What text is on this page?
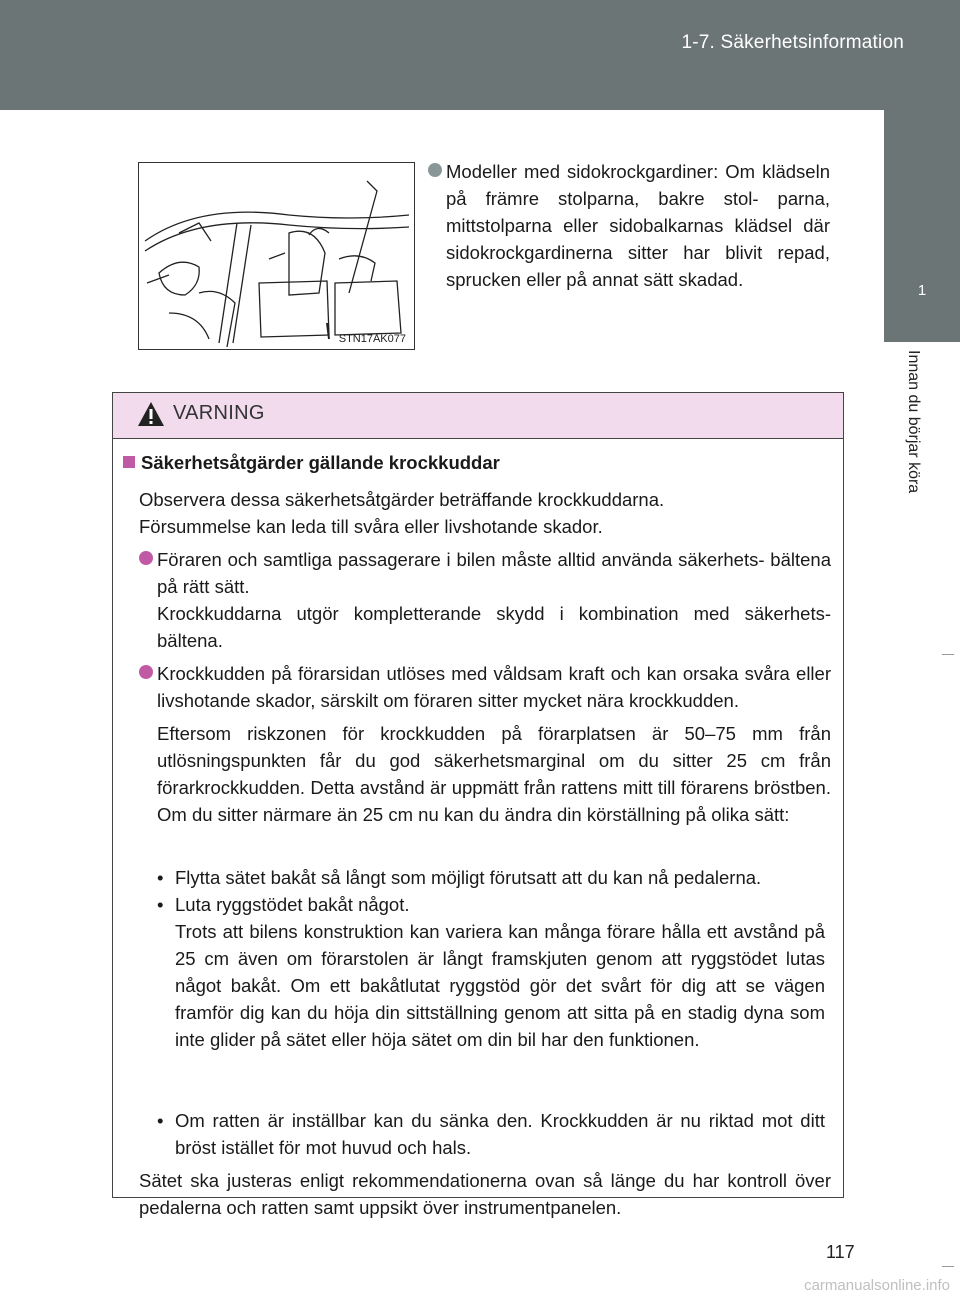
1-7. Säkerhetsinformation
1
Innan du börjar köra
STN17AK077
Modeller med sidokrockgardiner: Om klädseln på främre stolparna, bakre stol- parna, mittstolparna eller sidobalkarnas klädsel där sidokrockgardinerna sitter har blivit repad, sprucken eller på annat sätt skadad.
VARNING
Säkerhetsåtgärder gällande krockkuddar
Observera dessa säkerhetsåtgärder beträffande krockkuddarna.
Försummelse kan leda till svåra eller livshotande skador.
Föraren och samtliga passagerare i bilen måste alltid använda säkerhets- bältena på rätt sätt.
Krockkuddarna utgör kompletterande skydd i kombination med säkerhets- bältena.
Krockkudden på förarsidan utlöses med våldsam kraft och kan orsaka svåra eller livshotande skador, särskilt om föraren sitter mycket nära krockkudden.
Eftersom riskzonen för krockkudden på förarplatsen är 50–75 mm från utlösningspunkten får du god säkerhetsmarginal om du sitter 25 cm från förarkrockkudden. Detta avstånd är uppmätt från rattens mitt till förarens bröstben. Om du sitter närmare än 25 cm nu kan du ändra din körställning på olika sätt:
• Flytta sätet bakåt så långt som möjligt förutsatt att du kan nå pedalerna.
• Luta ryggstödet bakåt något.
Trots att bilens konstruktion kan variera kan många förare hålla ett avstånd på 25 cm även om förarstolen är långt framskjuten genom att ryggstödet lutas något bakåt. Om ett bakåtlutat ryggstöd gör det svårt för dig att se vägen framför dig kan du höja din sittställning genom att sitta på en stadig dyna som inte glider på sätet eller höja sätet om din bil har den funktionen.
• Om ratten är inställbar kan du sänka den. Krockkudden är nu riktad mot ditt bröst istället för mot huvud och hals.
Sätet ska justeras enligt rekommendationerna ovan så länge du har kontroll över pedalerna och ratten samt uppsikt över instrumentpanelen.
117
carmanualsonline.info
